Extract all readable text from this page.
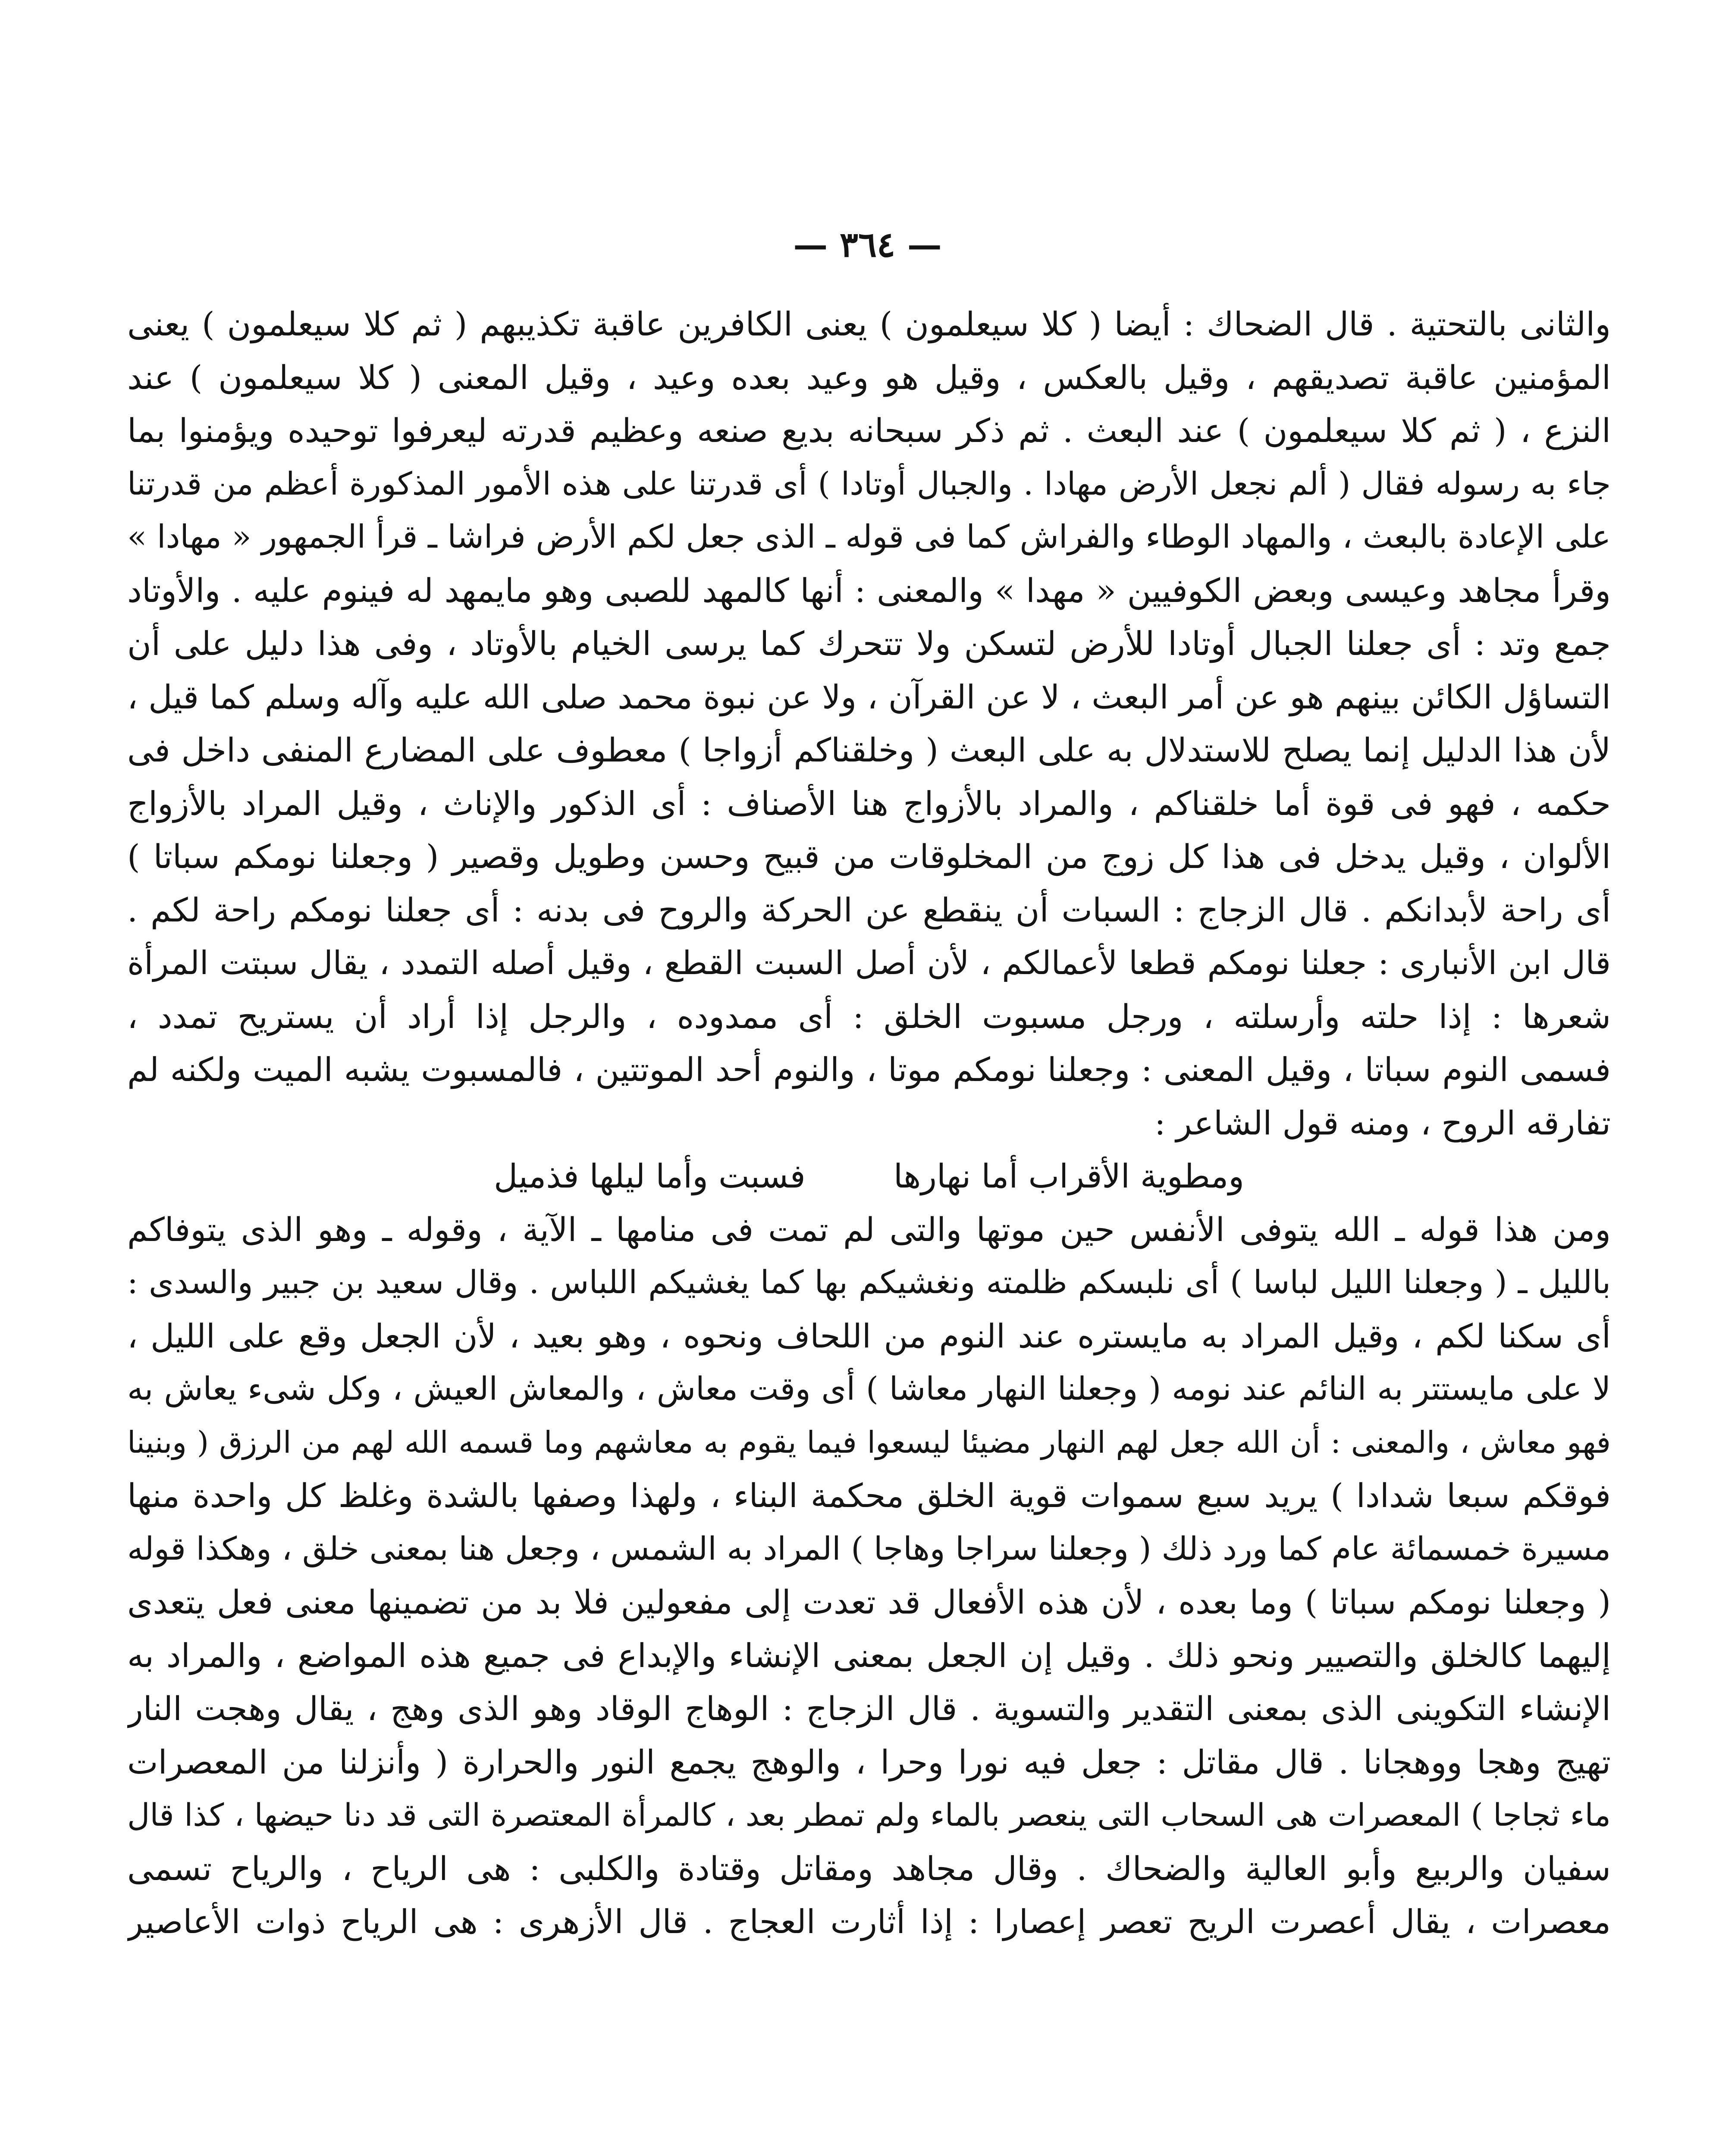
— ٣٦٤ —
والثانى بالتحتية . قال الضحاك : أيضا ( كلا سيعلمون ) يعنى الكافرين عاقبة تكذيبهم ( ثم كلا سيعلمون ) يعنى
المؤمنين عاقبة تصديقهم ، وقيل بالعكس ، وقيل هو وعيد بعده وعيد ، وقيل المعنى ( كلا سيعلمون ) عند
النزع ، ( ثم كلا سيعلمون ) عند البعث . ثم ذكر سبحانه بديع صنعه وعظيم قدرته ليعرفوا توحيده ويؤمنوا بما
جاء به رسوله فقال ( ألم نجعل الأرض مهادا . والجبال أوتادا ) أى قدرتنا على هذه الأمور المذكورة أعظم من قدرتنا
على الإعادة بالبعث ، والمهاد الوطاء والفراش كما فى قوله ـ الذى جعل لكم الأرض فراشا ـ قرأ الجمهور « مهادا »
وقرأ مجاهد وعيسى وبعض الكوفيين « مهدا » والمعنى : أنها كالمهد للصبى وهو مايمهد له فينوم عليه . والأوتاد
جمع وتد : أى جعلنا الجبال أوتادا للأرض لتسكن ولا تتحرك كما يرسى الخيام بالأوتاد ، وفى هذا دليل على أن
التساؤل الكائن بينهم هو عن أمر البعث ، لا عن القرآن ، ولا عن نبوة محمد صلى الله عليه وآله وسلم كما قيل ،
لأن هذا الدليل إنما يصلح للاستدلال به على البعث ( وخلقناكم أزواجا ) معطوف على المضارع المنفى داخل فى
حكمه ، فهو فى قوة أما خلقناكم ، والمراد بالأزواج هنا الأصناف : أى الذكور والإناث ، وقيل المراد بالأزواج
الألوان ، وقيل يدخل فى هذا كل زوج من المخلوقات من قبيح وحسن وطويل وقصير ( وجعلنا نومكم سباتا )
أى راحة لأبدانكم . قال الزجاج : السبات أن ينقطع عن الحركة والروح فى بدنه : أى جعلنا نومكم راحة لكم .
قال ابن الأنبارى : جعلنا نومكم قطعا لأعمالكم ، لأن أصل السبت القطع ، وقيل أصله التمدد ، يقال سبتت المرأة
شعرها : إذا حلته وأرسلته ، ورجل مسبوت الخلق : أى ممدوده ، والرجل إذا أراد أن يستريح تمدد ،
فسمى النوم سباتا ، وقيل المعنى : وجعلنا نومكم موتا ، والنوم أحد الموتتين ، فالمسبوت يشبه الميت ولكنه لم
تفارقه الروح ، ومنه قول الشاعر :
ومطوية الأقراب أما نهارها فسبت وأما ليلها فذميل
ومن هذا قوله ـ الله يتوفى الأنفس حين موتها والتى لم تمت فى منامها ـ الآية ، وقوله ـ وهو الذى يتوفاكم
بالليل ـ ( وجعلنا الليل لباسا ) أى نلبسكم ظلمته ونغشيكم بها كما يغشيكم اللباس . وقال سعيد بن جبير والسدى :
أى سكنا لكم ، وقيل المراد به مايستره عند النوم من اللحاف ونحوه ، وهو بعيد ، لأن الجعل وقع على الليل ،
لا على مايستتر به النائم عند نومه ( وجعلنا النهار معاشا ) أى وقت معاش ، والمعاش العيش ، وكل شىء يعاش به
فهو معاش ، والمعنى : أن الله جعل لهم النهار مضيئا ليسعوا فيما يقوم به معاشهم وما قسمه الله لهم من الرزق ( وبنينا
فوقكم سبعا شدادا ) يريد سبع سموات قوية الخلق محكمة البناء ، ولهذا وصفها بالشدة وغلظ كل واحدة منها
مسيرة خمسمائة عام كما ورد ذلك ( وجعلنا سراجا وهاجا ) المراد به الشمس ، وجعل هنا بمعنى خلق ، وهكذا قوله
( وجعلنا نومكم سباتا ) وما بعده ، لأن هذه الأفعال قد تعدت إلى مفعولين فلا بد من تضمينها معنى فعل يتعدى
إليهما كالخلق والتصيير ونحو ذلك . وقيل إن الجعل بمعنى الإنشاء والإبداع فى جميع هذه المواضع ، والمراد به
الإنشاء التكوينى الذى بمعنى التقدير والتسوية . قال الزجاج : الوهاج الوقاد وهو الذى وهج ، يقال وهجت النار
تهيج وهجا ووهجانا . قال مقاتل : جعل فيه نورا وحرا ، والوهج يجمع النور والحرارة ( وأنزلنا من المعصرات
ماء ثجاجا ) المعصرات هى السحاب التى ينعصر بالماء ولم تمطر بعد ، كالمرأة المعتصرة التى قد دنا حيضها ، كذا قال
سفيان والربيع وأبو العالية والضحاك . وقال مجاهد ومقاتل وقتادة والكلبى : هى الرياح ، والرياح تسمى
معصرات ، يقال أعصرت الريح تعصر إعصارا : إذا أثارت العجاج . قال الأزهرى : هى الرياح ذوات الأعاصير
